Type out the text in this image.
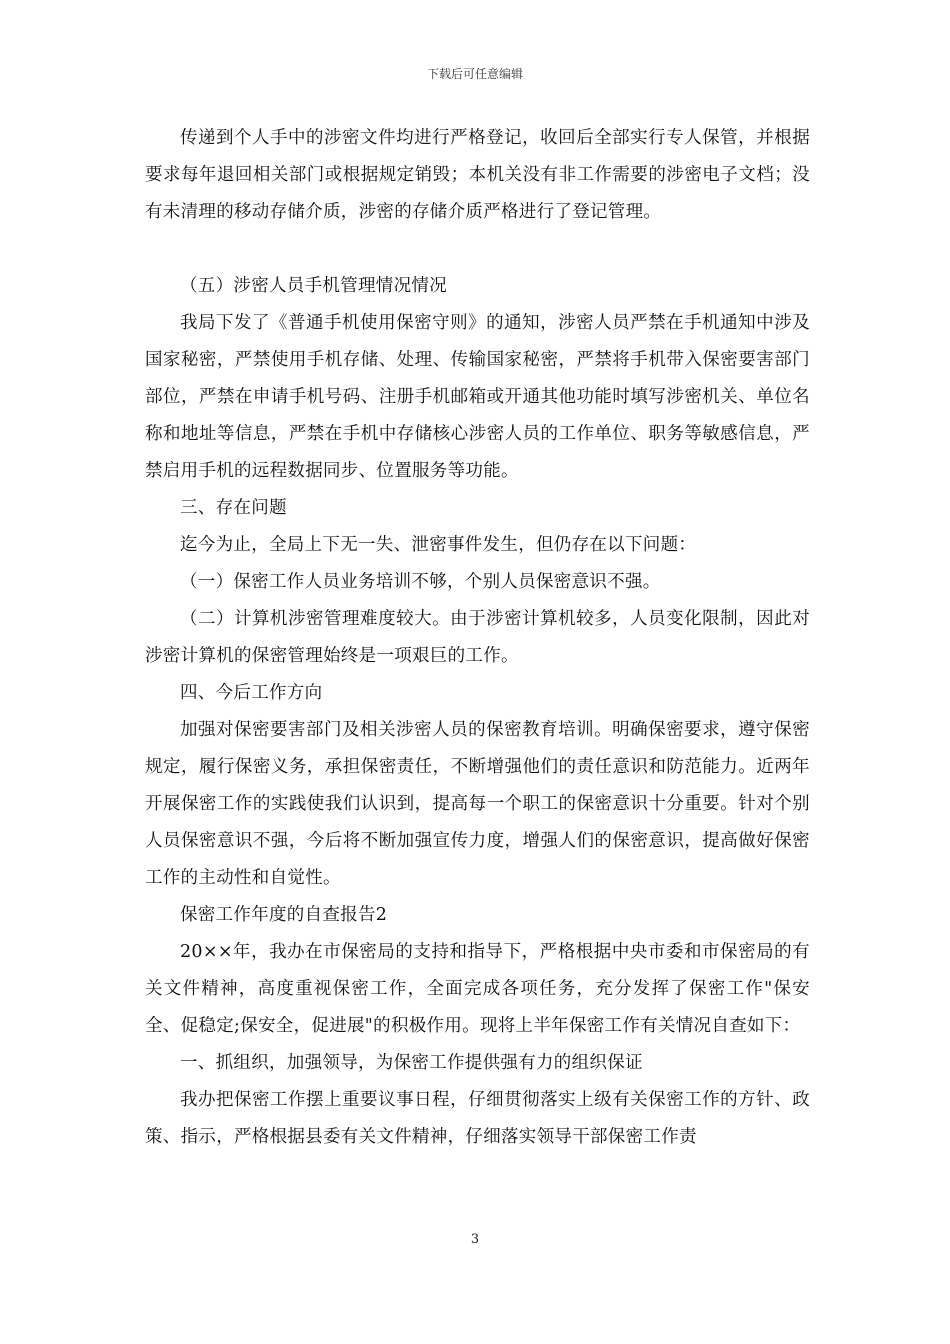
下载后可任意编辑

传递到个人手中的涉密文件均进行严格登记，收回后全部实行专人保管，并根据要求每年退回相关部门或根据规定销毁；本机关没有非工作需要的涉密电子文档；没有未清理的移动存储介质，涉密的存储介质严格进行了登记管理。

（五）涉密人员手机管理情况情况

我局下发了《普通手机使用保密守则》的通知，涉密人员严禁在手机通知中涉及国家秘密，严禁使用手机存储、处理、传输国家秘密，严禁将手机带入保密要害部门部位，严禁在申请手机号码、注册手机邮箱或开通其他功能时填写涉密机关、单位名称和地址等信息，严禁在手机中存储核心涉密人员的工作单位、职务等敏感信息，严禁启用手机的远程数据同步、位置服务等功能。

三、存在问题

迄今为止，全局上下无一失、泄密事件发生，但仍存在以下问题：

（一）保密工作人员业务培训不够，个别人员保密意识不强。

（二）计算机涉密管理难度较大。由于涉密计算机较多，人员变化限制，因此对涉密计算机的保密管理始终是一项艰巨的工作。

四、今后工作方向

加强对保密要害部门及相关涉密人员的保密教育培训。明确保密要求，遵守保密规定，履行保密义务，承担保密责任，不断增强他们的责任意识和防范能力。近两年开展保密工作的实践使我们认识到，提高每一个职工的保密意识十分重要。针对个别人员保密意识不强，今后将不断加强宣传力度，增强人们的保密意识，提高做好保密工作的主动性和自觉性。

保密工作年度的自查报告2

20××年，我办在市保密局的支持和指导下，严格根据中央市委和市保密局的有关文件精神，高度重视保密工作，全面完成各项任务，充分发挥了保密工作"保安全、促稳定;保安全，促进展"的积极作用。现将上半年保密工作有关情况自查如下：

一、抓组织，加强领导，为保密工作提供强有力的组织保证

我办把保密工作摆上重要议事日程，仔细贯彻落实上级有关保密工作的方针、政策、指示，严格根据县委有关文件精神，仔细落实领导干部保密工作责

3
